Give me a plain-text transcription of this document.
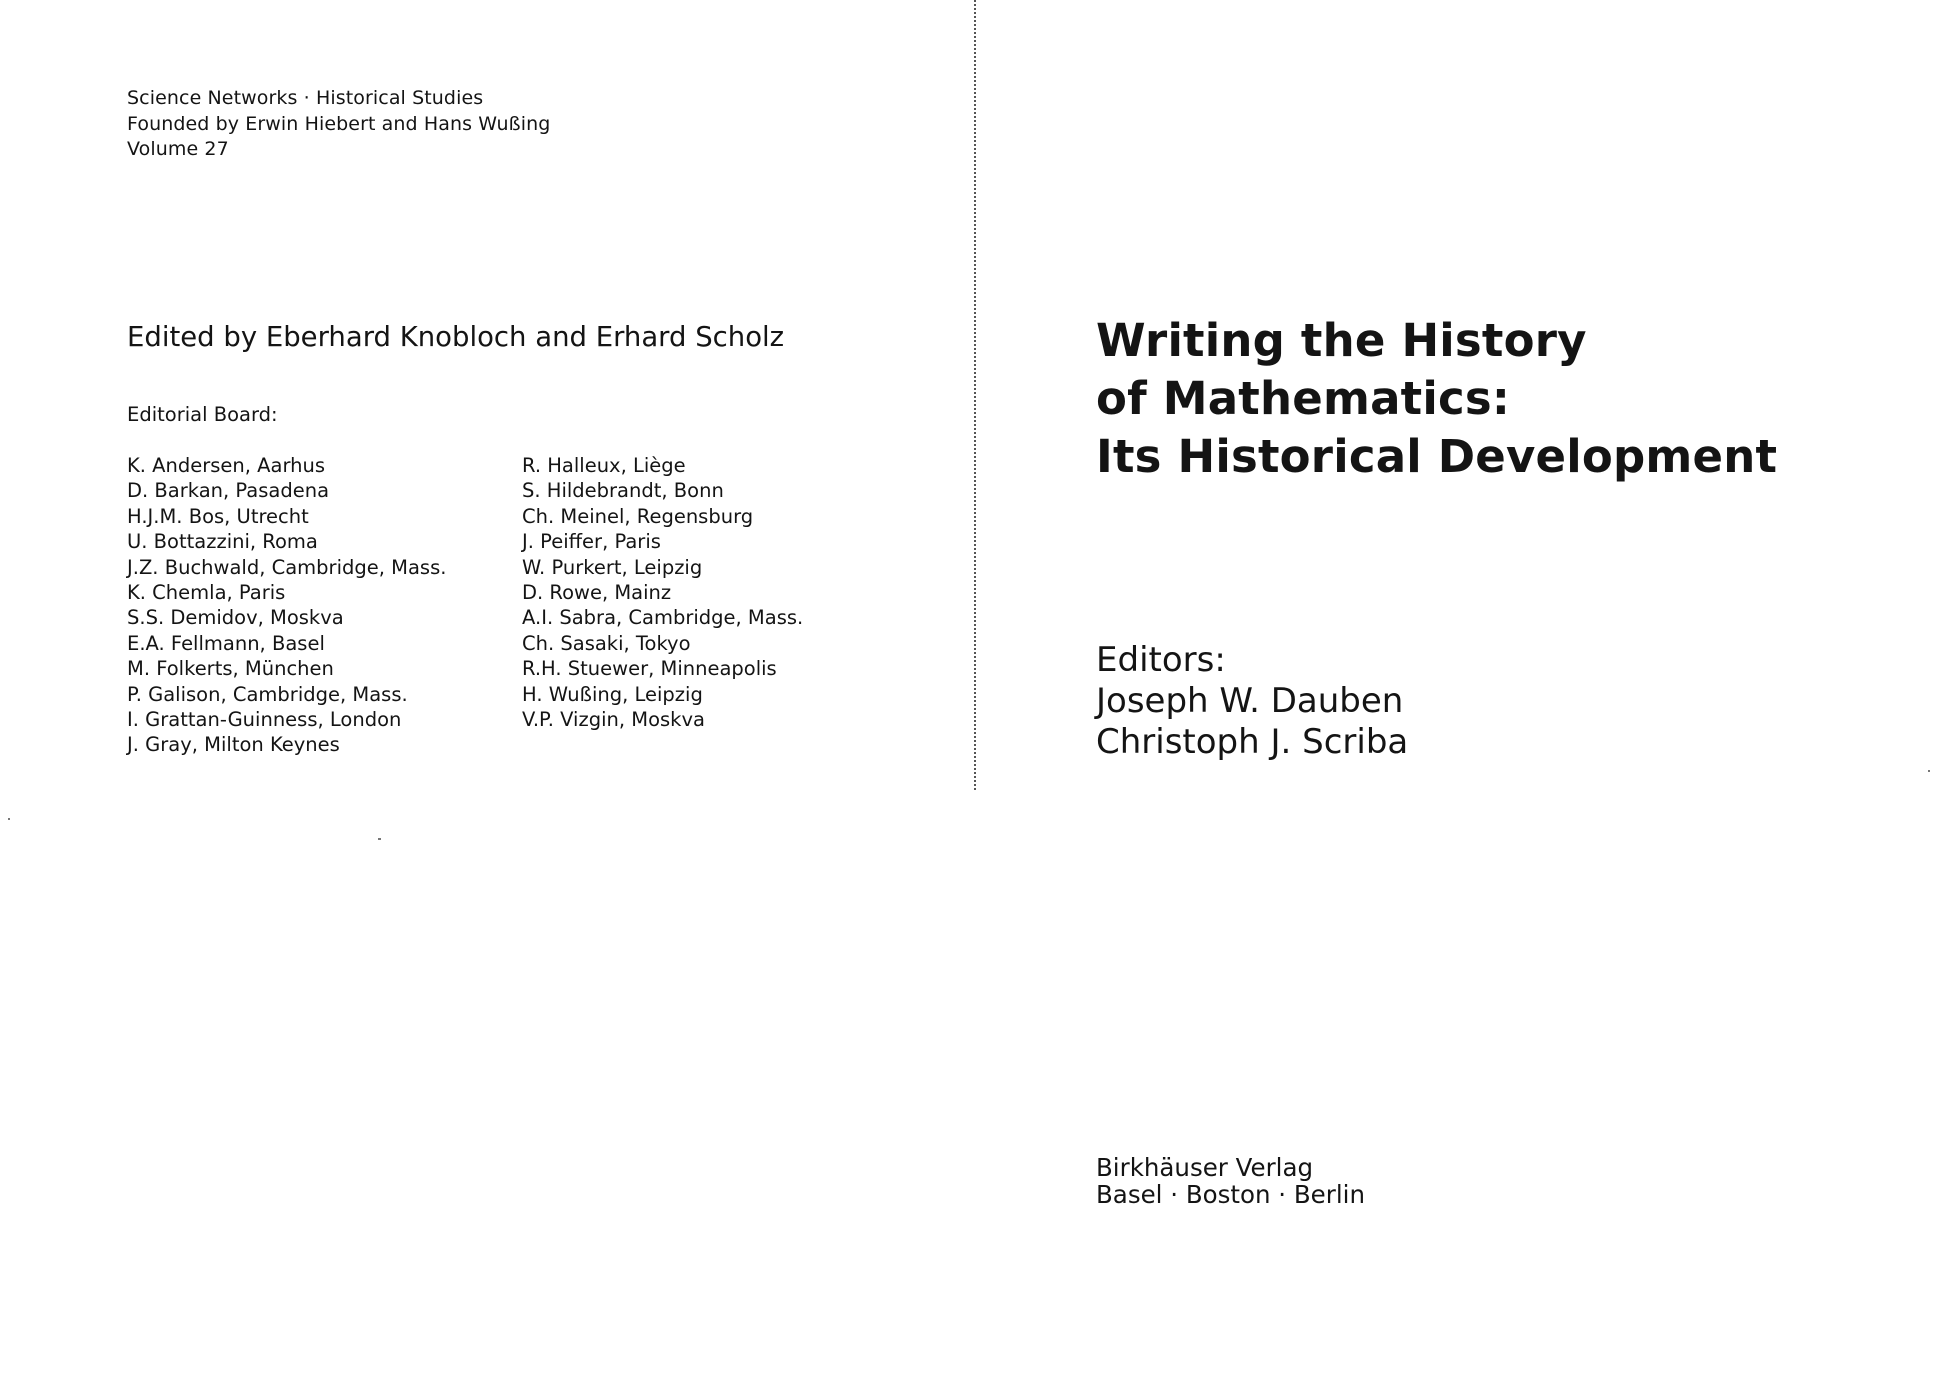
Science Networks · Historical Studies
Founded by Erwin Hiebert and Hans Wußing
Volume 27
Edited by Eberhard Knobloch and Erhard Scholz
Editorial Board:
K. Andersen, Aarhus
D. Barkan, Pasadena
H.J.M. Bos, Utrecht
U. Bottazzini, Roma
J.Z. Buchwald, Cambridge, Mass.
K. Chemla, Paris
S.S. Demidov, Moskva
E.A. Fellmann, Basel
M. Folkerts, München
P. Galison, Cambridge, Mass.
I. Grattan-Guinness, London
J. Gray, Milton Keynes
R. Halleux, Liège
S. Hildebrandt, Bonn
Ch. Meinel, Regensburg
J. Peiffer, Paris
W. Purkert, Leipzig
D. Rowe, Mainz
A.I. Sabra, Cambridge, Mass.
Ch. Sasaki, Tokyo
R.H. Stuewer, Minneapolis
H. Wußing, Leipzig
V.P. Vizgin, Moskva
Writing the History
of Mathematics:
Its Historical Development
Editors:
Joseph W. Dauben
Christoph J. Scriba
Birkhäuser Verlag
Basel · Boston · Berlin
